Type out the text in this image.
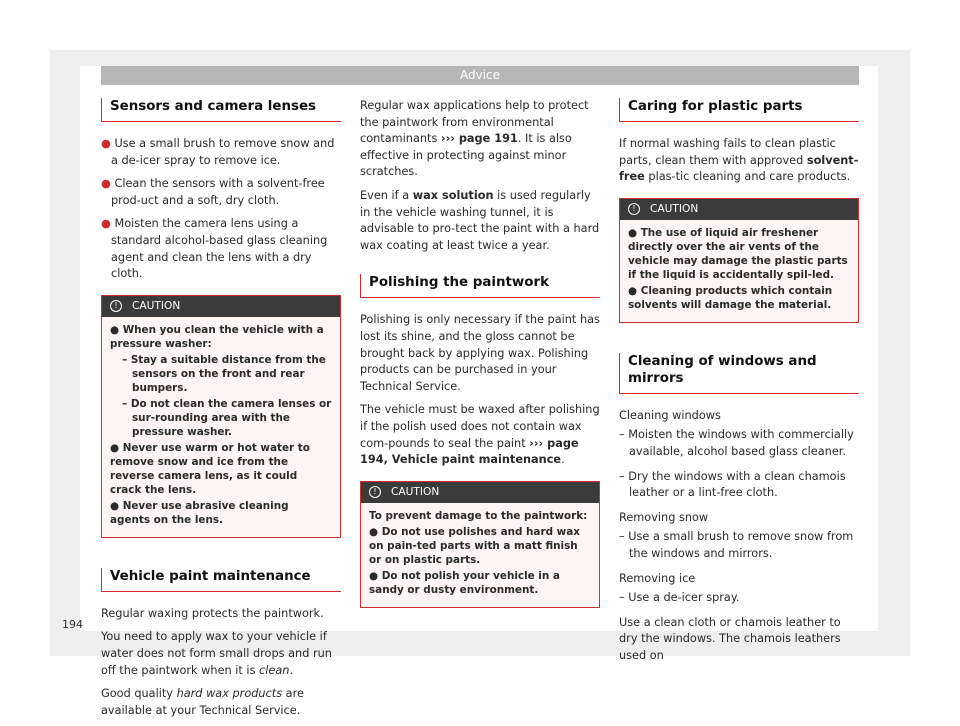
Advice
Sensors and camera lenses

● Use a small brush to remove snow and a de-icer spray to remove ice.

● Clean the sensors with a solvent-free prod-uct and a soft, dry cloth.

● Moisten the camera lens using a standard alcohol-based glass cleaning agent and clean the lens with a dry cloth.

! CAUTION
● When you clean the vehicle with a pressure washer:
– Stay a suitable distance from the sensors on the front and rear bumpers.
– Do not clean the camera lenses or sur-rounding area with the pressure washer.
● Never use warm or hot water to remove snow and ice from the reverse camera lens, as it could crack the lens.
● Never use abrasive cleaning agents on the lens.
Vehicle paint maintenance

Regular waxing protects the paintwork.

You need to apply wax to your vehicle if water does not form small drops and run off the paintwork when it is clean.

Good quality hard wax products are available at your Technical Service.

Regular wax applications help to protect the paintwork from environmental contaminants ››› page 191. It is also effective in protecting against minor scratches.

Even if a wax solution is used regularly in the vehicle washing tunnel, it is advisable to pro-tect the paint with a hard wax coating at least twice a year.

Polishing the paintwork

Polishing is only necessary if the paint has lost its shine, and the gloss cannot be brought back by applying wax. Polishing products can be purchased in your Technical Service.

The vehicle must be waxed after polishing if the polish used does not contain wax com-pounds to seal the paint ››› page 194, Vehicle paint maintenance.

! CAUTION
To prevent damage to the paintwork:
● Do not use polishes and hard wax on pain-ted parts with a matt finish or on plastic parts.
● Do not polish your vehicle in a sandy or dusty environment.
Caring for plastic parts

If normal washing fails to clean plastic parts, clean them with approved solvent-free plas-tic cleaning and care products.

! CAUTION
● The use of liquid air freshener directly over the air vents of the vehicle may damage the plastic parts if the liquid is accidentally spil-led.
● Cleaning products which contain solvents will damage the material.
Cleaning of windows and mirrors

Cleaning windows

– Moisten the windows with commercially available, alcohol based glass cleaner.
– Dry the windows with a clean chamois leather or a lint-free cloth.

Removing snow

– Use a small brush to remove snow from the windows and mirrors.

Removing ice

– Use a de-icer spray.

Use a clean cloth or chamois leather to dry the windows. The chamois leathers used on

194
